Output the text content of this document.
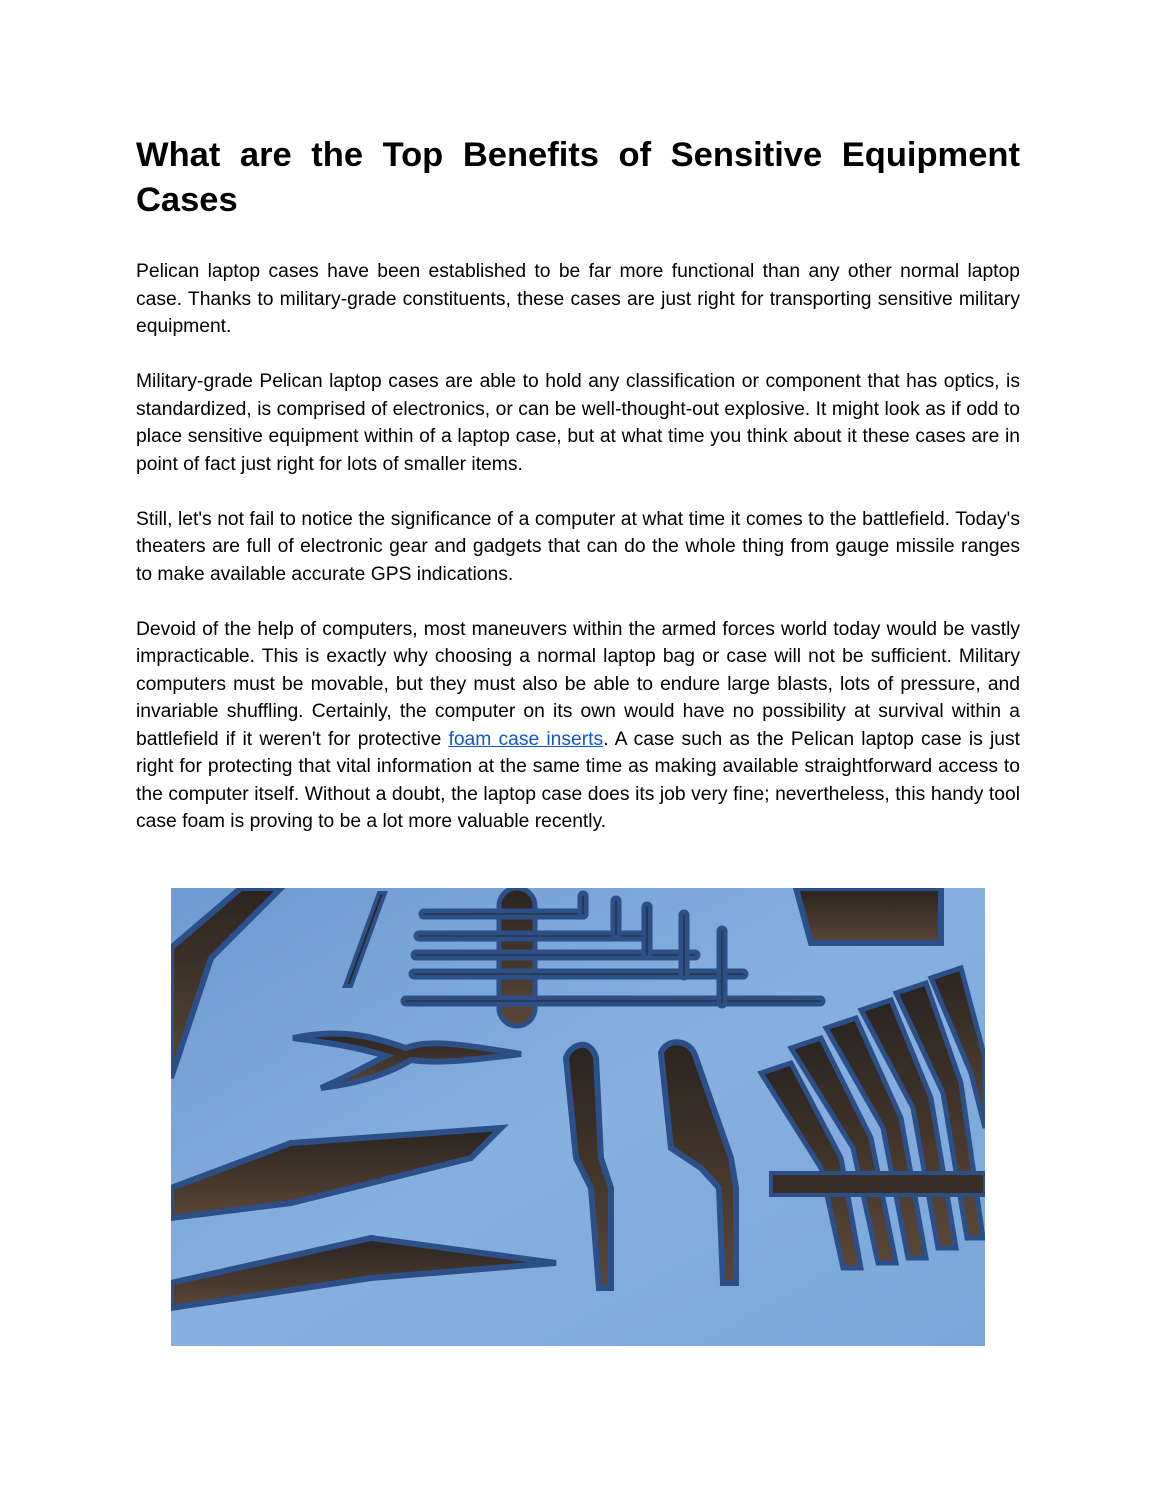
What are the Top Benefits of Sensitive Equipment Cases

Pelican laptop cases have been established to be far more functional than any other normal laptop case. Thanks to military-grade constituents, these cases are just right for transporting sensitive military equipment.

Military-grade Pelican laptop cases are able to hold any classification or component that has optics, is standardized, is comprised of electronics, or can be well-thought-out explosive. It might look as if odd to place sensitive equipment within of a laptop case, but at what time you think about it these cases are in point of fact just right for lots of smaller items.

Still, let's not fail to notice the significance of a computer at what time it comes to the battlefield. Today's theaters are full of electronic gear and gadgets that can do the whole thing from gauge missile ranges to make available accurate GPS indications.

Devoid of the help of computers, most maneuvers within the armed forces world today would be vastly impracticable. This is exactly why choosing a normal laptop bag or case will not be sufficient. Military computers must be movable, but they must also be able to endure large blasts, lots of pressure, and invariable shuffling. Certainly, the computer on its own would have no possibility at survival within a battlefield if it weren't for protective foam case inserts. A case such as the Pelican laptop case is just right for protecting that vital information at the same time as making available straightforward access to the computer itself. Without a doubt, the laptop case does its job very fine; nevertheless, this handy tool case foam is proving to be a lot more valuable recently.
